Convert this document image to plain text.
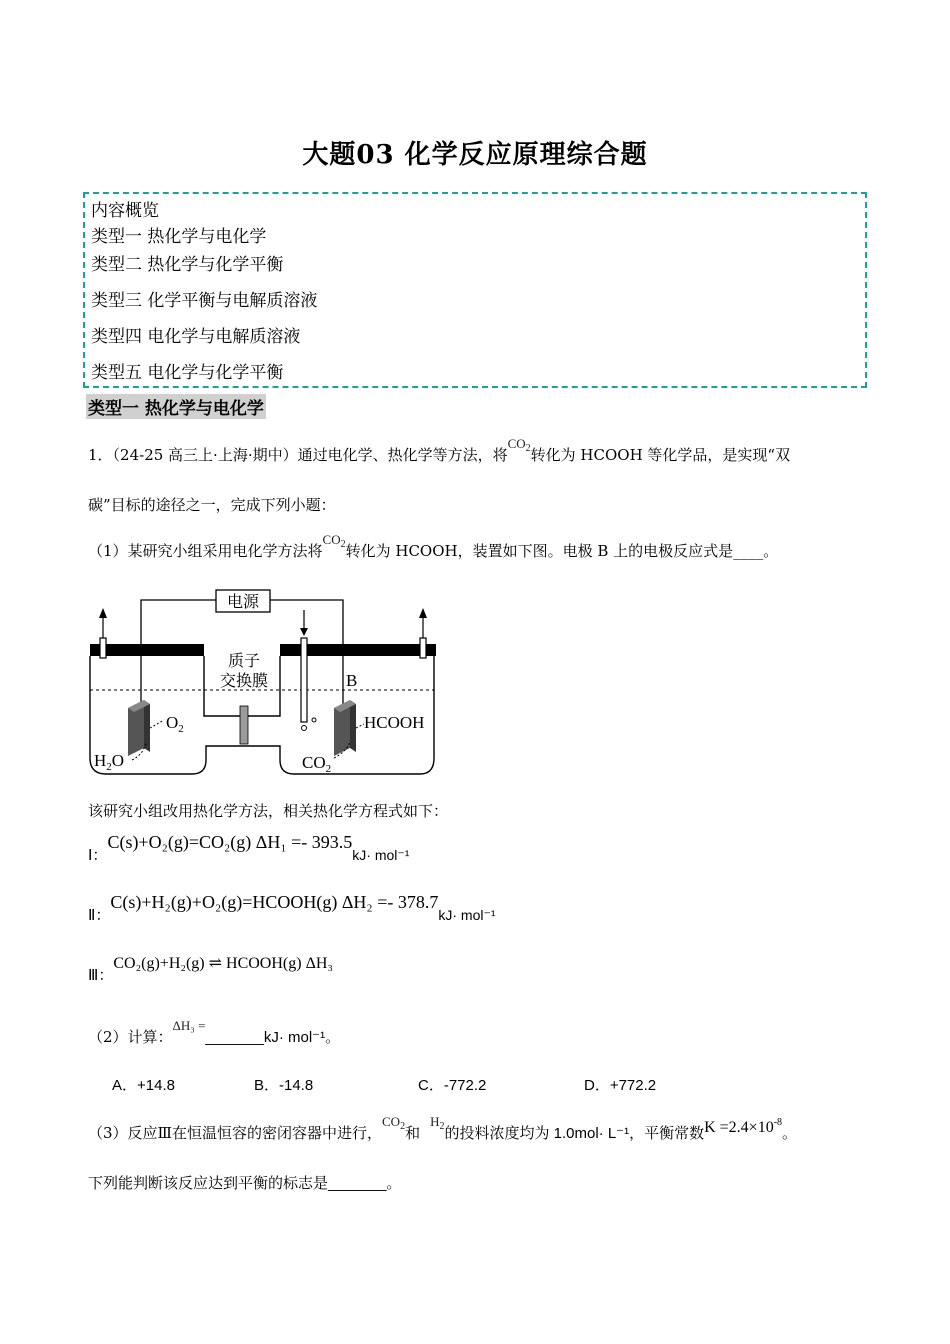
大题03 化学反应原理综合题
内容概览
类型一 热化学与电化学
类型二 热化学与化学平衡
类型三 化学平衡与电解质溶液
类型四 电化学与电解质溶液
类型五 电化学与化学平衡
类型一 热化学与电化学
1．（24-25 高三上·上海·期中）通过电化学、热化学等方法，将$CO_2$转化为 HCOOH 等化学品，是实现“双
碳”目标的途径之一，完成下列小题：
（1）某研究小组采用电化学方法将$CO_2$转化为 HCOOH，装置如下图。电极 B 上的电极反应式是____。
电源
质子
交换膜
$O_2$
$H_2O$
B
HCOOH
$CO_2$
该研究小组改用热化学方法，相关热化学方程式如下：
Ⅰ：C(s)+O₂(g)=CO₂(g) ΔH₁ =- 393.5kJ· mol⁻¹
Ⅱ：C(s)+H₂(g)+O₂(g)=HCOOH(g) ΔH₂ =- 378.7kJ· mol⁻¹
Ⅲ：CO₂(g)+H₂(g) ⇌ HCOOH(g) ΔH₃
（2）计算：ΔH₃ =_______kJ· mol⁻¹。
A．+14.8	B．-14.8	C．-772.2	D．+772.2
（3）反应Ⅲ在恒温恒容的密闭容器中进行，$CO_2$和$H_2$的投料浓度均为 1.0mol· L⁻¹，平衡常数$K =2.4\times 10^{-8}$。
下列能判断该反应达到平衡的标志是_______。
